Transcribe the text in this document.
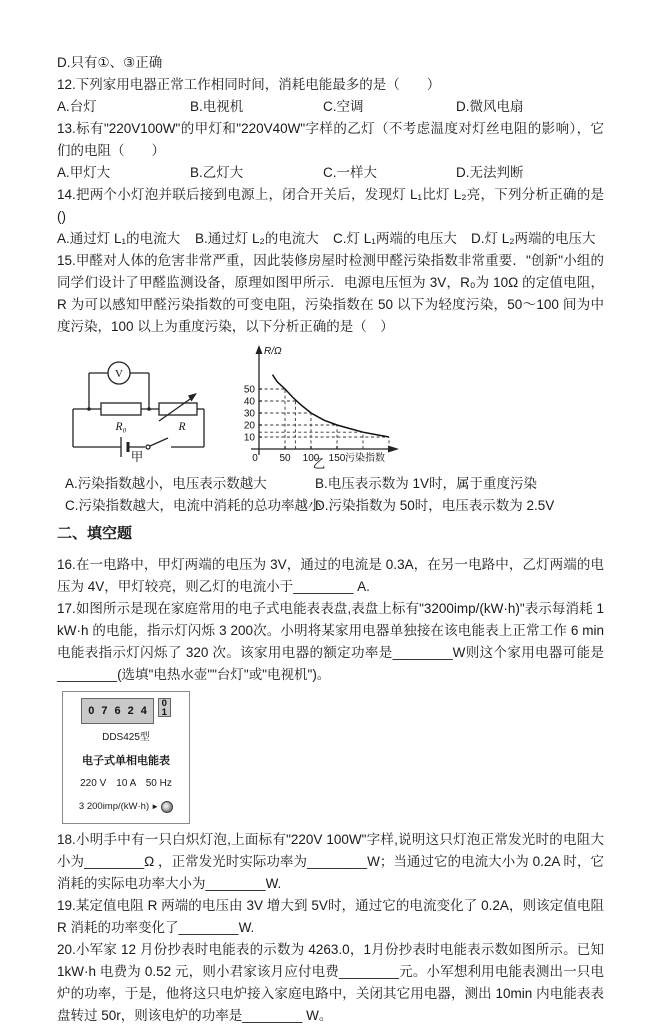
D.只有①、③正确

12.下列家用电器正常工作相同时间，消耗电能最多的是（　　）

A.台灯	B.电视机	C.空调	D.微风电扇

13.标有"220V100W"的甲灯和"220V40W"字样的乙灯（不考虑温度对灯丝电阻的影响），它们的电阻（　　）

A.甲灯大	B.乙灯大	C.一样大	D.无法判断

14.把两个小灯泡并联后接到电源上，闭合开关后，发现灯 L₁比灯 L₂亮，下列分析正确的是 ()

A.通过灯 L₁的电流大	B.通过灯 L₂的电流大	C.灯 L₁两端的电压大	D.灯 L₂两端的电压大

15.甲醛对人体的危害非常严重，因此装修房屋时检测甲醛污染指数非常重要．"创新"小组的同学们设计了甲醛监测设备，原理如图甲所示．电源电压恒为 3V，R₀为 10Ω 的定值电阻，R 为可以感知甲醛污染指数的可变电阻，污染指数在 50 以下为轻度污染，50～100 间为中度污染，100 以上为重度污染，以下分析正确的是（　）

V
R₀	R
甲
10
20
30
40
50
0 50 100 150
R/Ω
污染指数
乙
A.污染指数越小，电压表示数越大	B.电压表示数为 1V时，属于重度污染
C.污染指数越大，电流中消耗的总功率越小
D.污染指数为 50时，电压表示数为 2.5V
二、填空题

16.在一电路中，甲灯两端的电压为 3V，通过的电流是 0.3A，在另一电路中，乙灯两端的电压为 4V，甲灯较亮，则乙灯的电流小于________ A.

17.如图所示是现在家庭常用的电子式电能表表盘,表盘上标有"3200imp/(kW·h)"表示每消耗 1 kW·h 的电能，指示灯闪烁 3 200次。小明将某家用电器单独接在该电能表上正常工作 6 min电能表指示灯闪烁了 320 次。该家用电器的额定功率是________W则这个家用电器可能是________(选填"电热水壶""台灯"或"电视机")。

0 7 6 2 4
0
1
DDS425型
电子式单相电能表
220 V　10 A　50 Hz
3 200imp/(kW·h) ►

18.小明手中有一只白炽灯泡,上面标有"220V 100W"字样,说明这只灯泡正常发光时的电阻大小为________Ω ，正常发光时实际功率为________W；当通过它的电流大小为 0.2A 时，它消耗的实际电功率大小为________W.

19.某定值电阻 R 两端的电压由 3V 增大到 5V时，通过它的电流变化了 0.2A，则该定值电阻 R 消耗的功率变化了________W.

20.小军家 12 月份抄表时电能表的示数为 4263.0，1月份抄表时电能表示数如图所示。已知 1kW·h 电费为 0.52 元，则小君家该月应付电费________元。小军想利用电能表测出一只电炉的功率，于是，他将这只电炉接入家庭电路中，关闭其它用电器，测出 10min 内电能表表盘转过 50r，则该电炉的功率是________ W。
